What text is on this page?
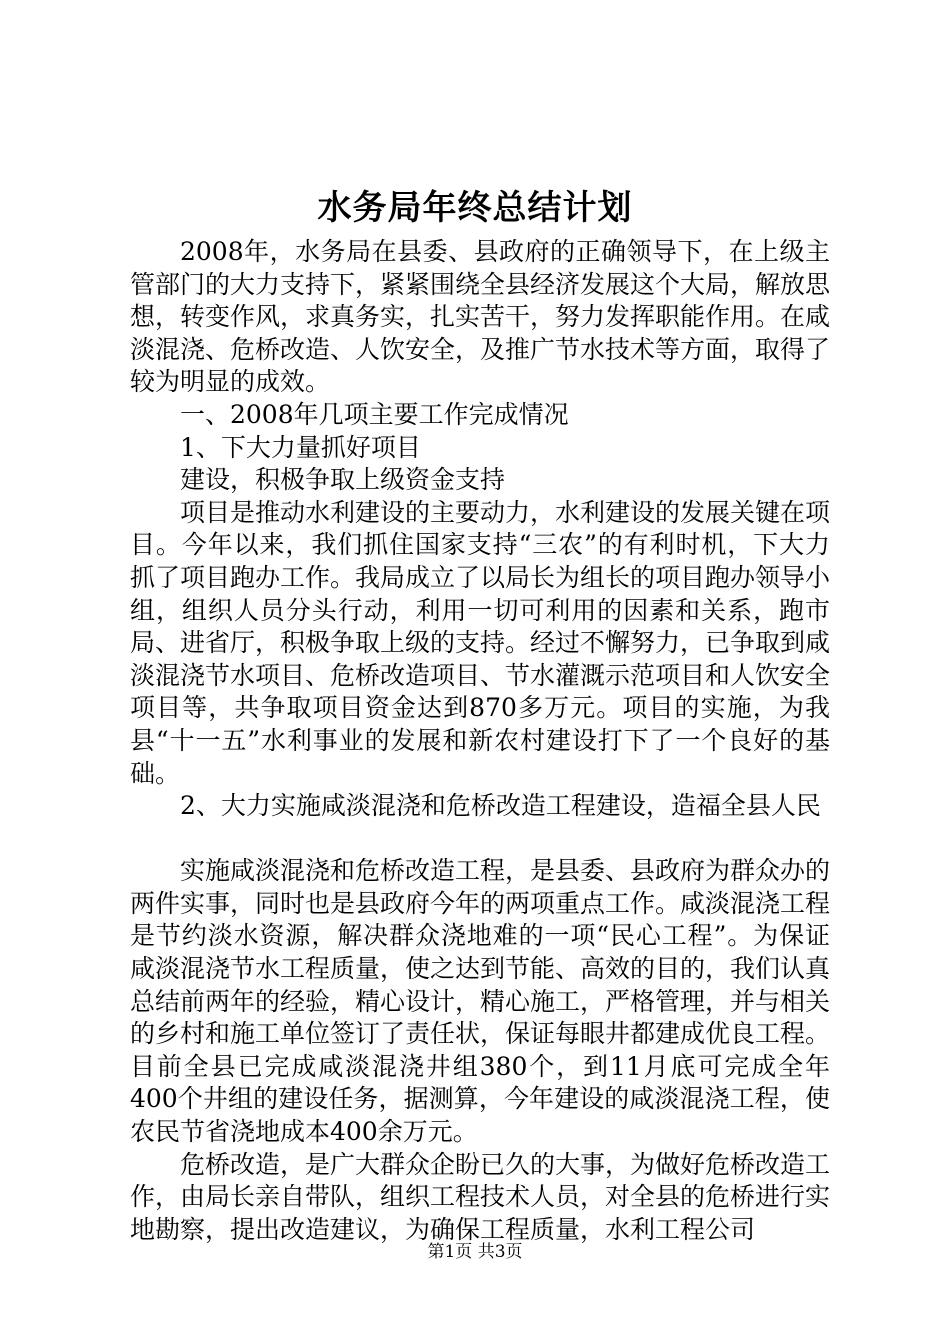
水务局年终总结计划

2008年，水务局在县委、县政府的正确领导下，在上级主管部门的大力支持下，紧紧围绕全县经济发展这个大局，解放思想，转变作风，求真务实，扎实苦干，努力发挥职能作用。在咸淡混浇、危桥改造、人饮安全，及推广节水技术等方面，取得了较为明显的成效。

一、2008年几项主要工作完成情况

1、下大力量抓好项目

建设，积极争取上级资金支持

项目是推动水利建设的主要动力，水利建设的发展关键在项目。今年以来，我们抓住国家支持“三农”的有利时机，下大力抓了项目跑办工作。我局成立了以局长为组长的项目跑办领导小组，组织人员分头行动，利用一切可利用的因素和关系，跑市局、进省厅，积极争取上级的支持。经过不懈努力，已争取到咸淡混浇节水项目、危桥改造项目、节水灌溉示范项目和人饮安全项目等，共争取项目资金达到870多万元。项目的实施，为我县“十一五”水利事业的发展和新农村建设打下了一个良好的基础。

2、大力实施咸淡混浇和危桥改造工程建设，造福全县人民

实施咸淡混浇和危桥改造工程，是县委、县政府为群众办的两件实事，同时也是县政府今年的两项重点工作。咸淡混浇工程是节约淡水资源，解决群众浇地难的一项“民心工程”。为保证咸淡混浇节水工程质量，使之达到节能、高效的目的，我们认真总结前两年的经验，精心设计，精心施工，严格管理，并与相关的乡村和施工单位签订了责任状，保证每眼井都建成优良工程。目前全县已完成咸淡混浇井组380个，到11月底可完成全年400个井组的建设任务，据测算，今年建设的咸淡混浇工程，使农民节省浇地成本400余万元。

危桥改造，是广大群众企盼已久的大事，为做好危桥改造工作，由局长亲自带队，组织工程技术人员，对全县的危桥进行实地勘察，提出改造建议，为确保工程质量，水利工程公司

第1页 共3页
